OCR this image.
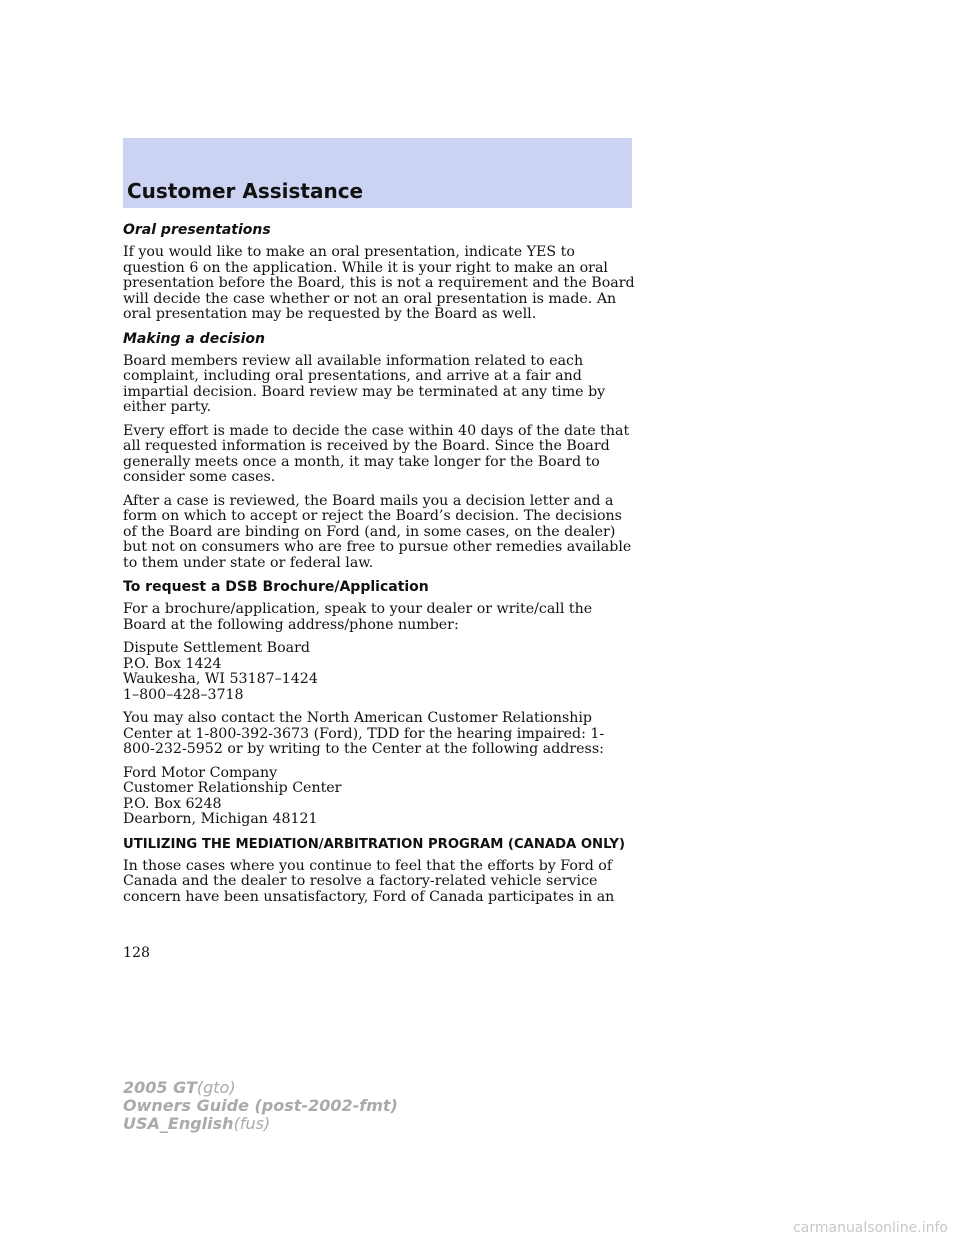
Customer Assistance
Oral presentations

If you would like to make an oral presentation, indicate YES to question 6 on the application. While it is your right to make an oral presentation before the Board, this is not a requirement and the Board will decide the case whether or not an oral presentation is made. An oral presentation may be requested by the Board as well.

Making a decision

Board members review all available information related to each complaint, including oral presentations, and arrive at a fair and impartial decision. Board review may be terminated at any time by either party.

Every effort is made to decide the case within 40 days of the date that all requested information is received by the Board. Since the Board generally meets once a month, it may take longer for the Board to consider some cases.

After a case is reviewed, the Board mails you a decision letter and a form on which to accept or reject the Board’s decision. The decisions of the Board are binding on Ford (and, in some cases, on the dealer) but not on consumers who are free to pursue other remedies available to them under state or federal law.

To request a DSB Brochure/Application

For a brochure/application, speak to your dealer or write/call the Board at the following address/phone number:

Dispute Settlement Board
P.O. Box 1424
Waukesha, WI 53187–1424
1–800–428–3718

You may also contact the North American Customer Relationship Center at 1-800-392-3673 (Ford), TDD for the hearing impaired: 1-800-232-5952 or by writing to the Center at the following address:

Ford Motor Company
Customer Relationship Center
P.O. Box 6248
Dearborn, Michigan 48121
UTILIZING THE MEDIATION/ARBITRATION PROGRAM (CANADA ONLY)

In those cases where you continue to feel that the efforts by Ford of Canada and the dealer to resolve a factory-related vehicle service concern have been unsatisfactory, Ford of Canada participates in an

128
2005 GT(gto)
Owners Guide (post-2002-fmt)
USA_English(fus)
carmanualsonline.info
